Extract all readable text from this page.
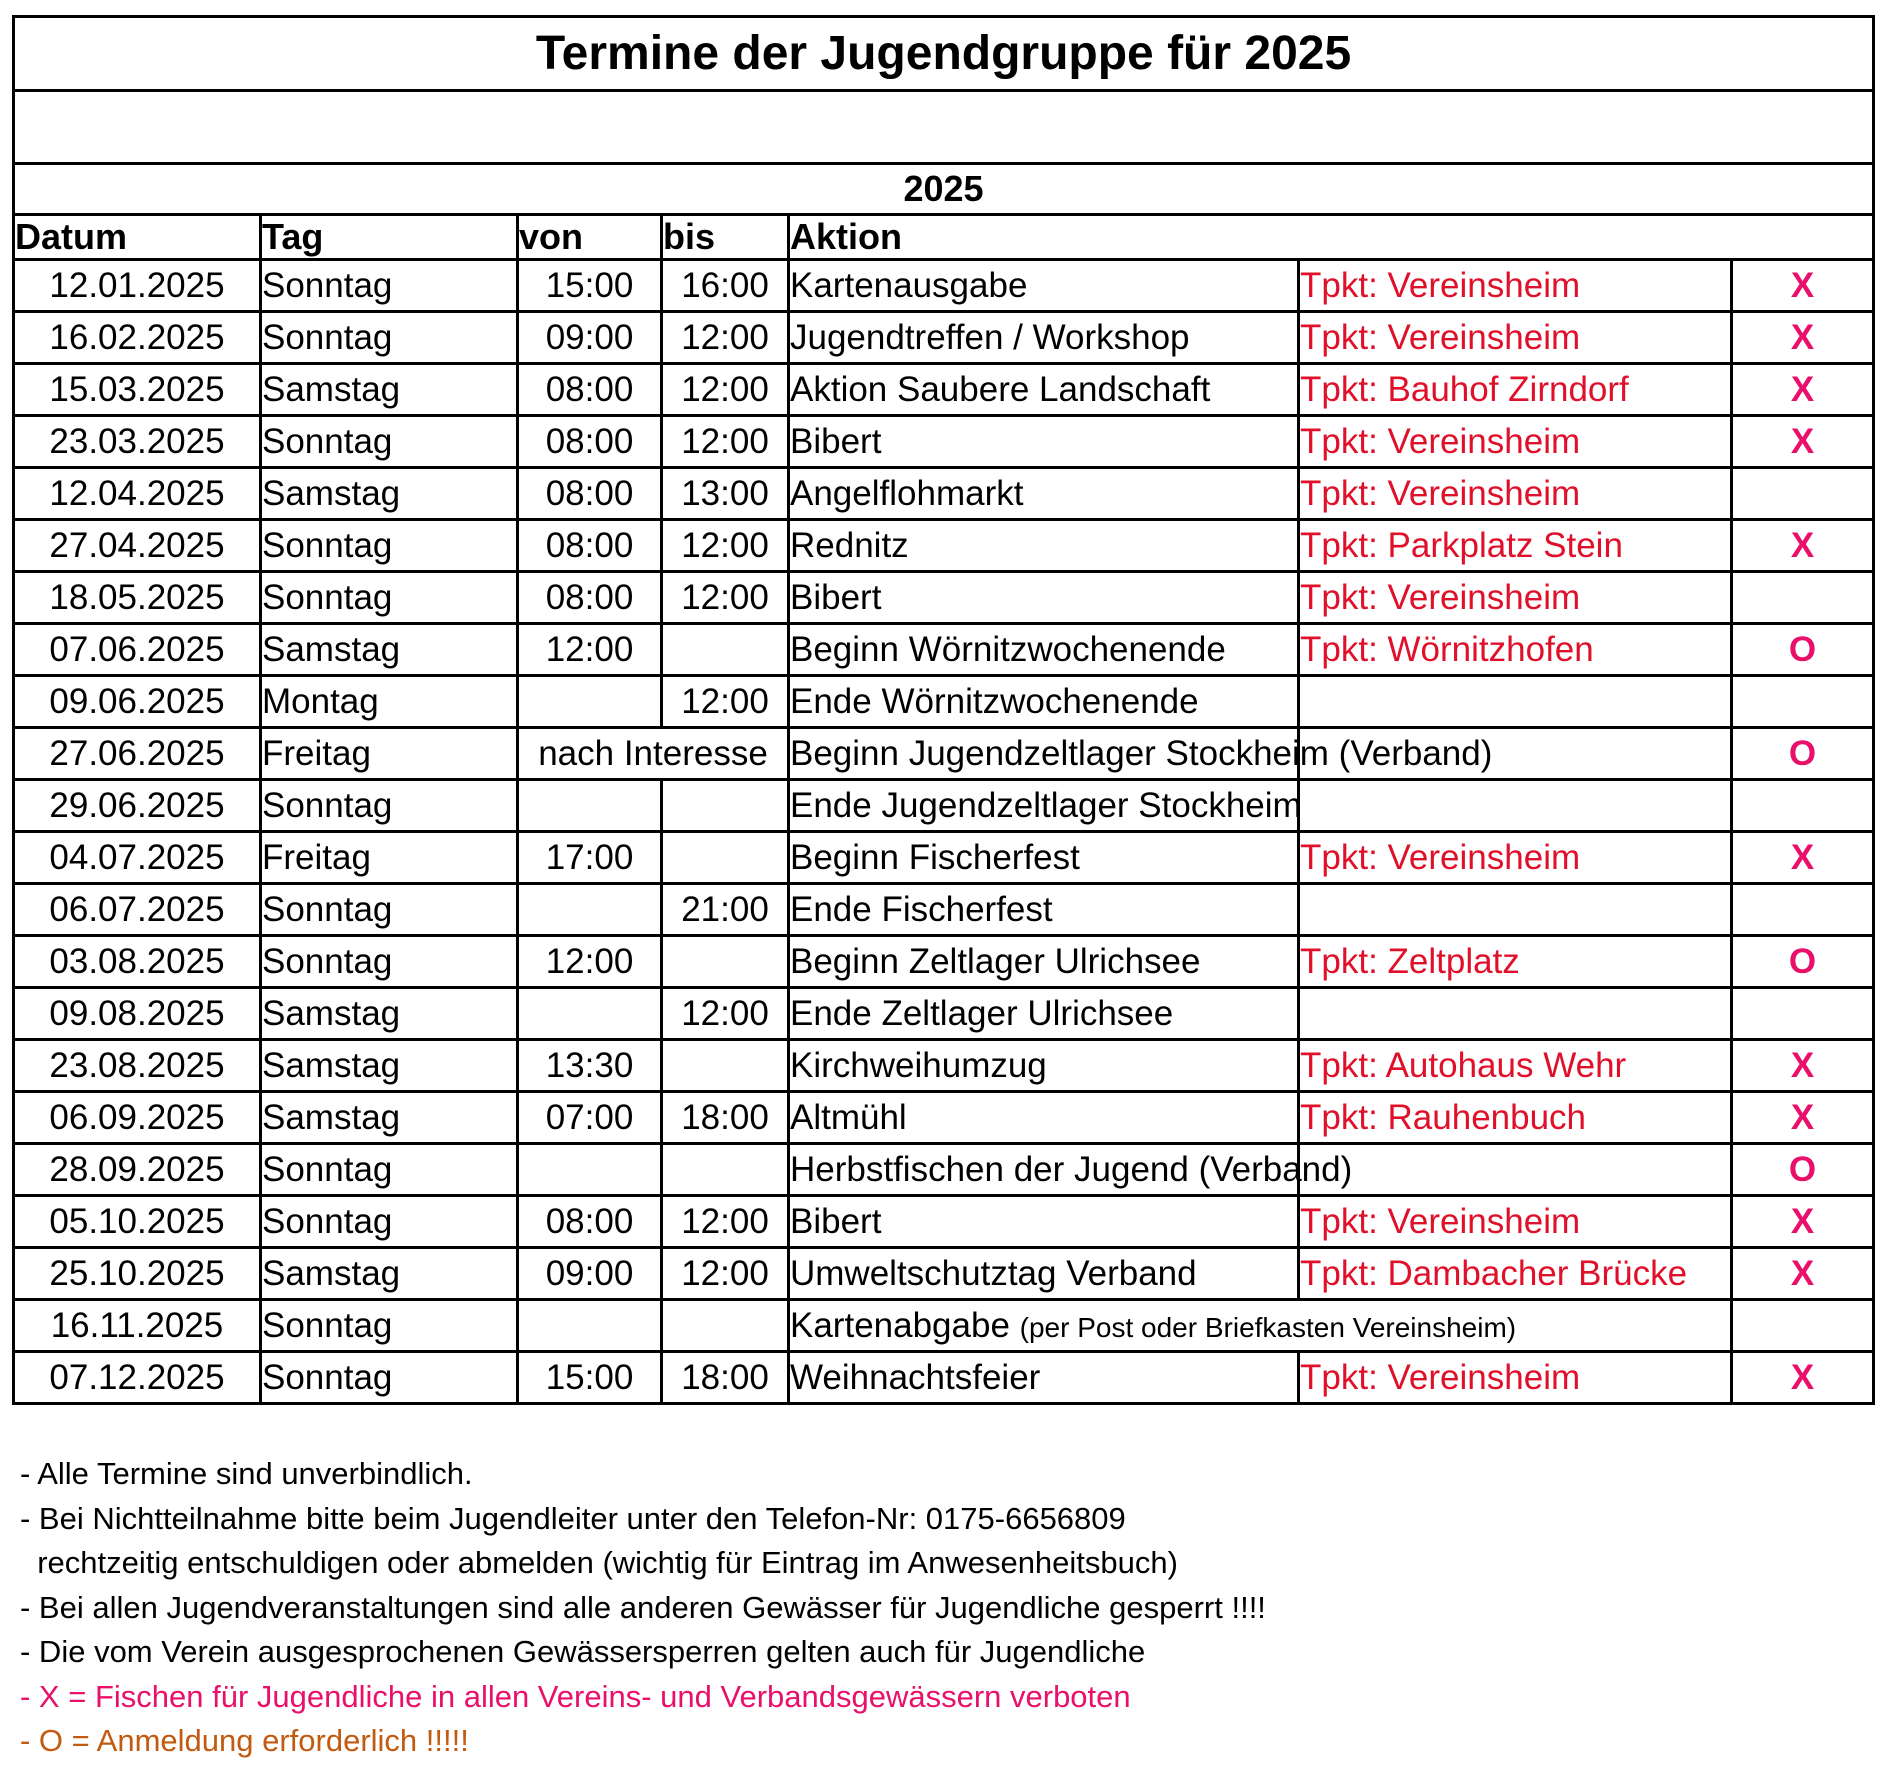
Termine der Jugendgruppe für 2025						

2025						
Datum	Tag	von	bis	Aktion		
12.01.2025	Sonntag	15:00	16:00	Kartenausgabe	Tpkt: Vereinsheim	X
16.02.2025	Sonntag	09:00	12:00	Jugendtreffen / Workshop	Tpkt: Vereinsheim	X
15.03.2025	Samstag	08:00	12:00	Aktion Saubere Landschaft	Tpkt: Bauhof Zirndorf	X
23.03.2025	Sonntag	08:00	12:00	Bibert	Tpkt: Vereinsheim	X
12.04.2025	Samstag	08:00	13:00	Angelflohmarkt	Tpkt: Vereinsheim	
27.04.2025	Sonntag	08:00	12:00	Rednitz	Tpkt: Parkplatz Stein	X
18.05.2025	Sonntag	08:00	12:00	Bibert	Tpkt: Vereinsheim	
07.06.2025	Samstag	12:00		Beginn Wörnitzwochenende	Tpkt: Wörnitzhofen	O
09.06.2025	Montag		12:00	Ende Wörnitzwochenende		
27.06.2025	Freitag	nach Interesse		Beginn Jugendzeltlager Stockheim (Verband)		O
29.06.2025	Sonntag			Ende Jugendzeltlager Stockheim		
04.07.2025	Freitag	17:00		Beginn Fischerfest	Tpkt: Vereinsheim	X
06.07.2025	Sonntag		21:00	Ende Fischerfest		
03.08.2025	Sonntag	12:00		Beginn Zeltlager Ulrichsee	Tpkt: Zeltplatz	O
09.08.2025	Samstag		12:00	Ende Zeltlager Ulrichsee		
23.08.2025	Samstag	13:30		Kirchweihumzug	Tpkt: Autohaus Wehr	X
06.09.2025	Samstag	07:00	18:00	Altmühl	Tpkt: Rauhenbuch	X
28.09.2025	Sonntag			Herbstfischen der Jugend (Verband)		O
05.10.2025	Sonntag	08:00	12:00	Bibert	Tpkt: Vereinsheim	X
25.10.2025	Samstag	09:00	12:00	Umweltschutztag Verband	Tpkt: Dambacher Brücke	X
16.11.2025	Sonntag			Kartenabgabe (per Post oder Briefkasten Vereinsheim)		
07.12.2025	Sonntag	15:00	18:00	Weihnachtsfeier	Tpkt: Vereinsheim	X
- Alle Termine sind unverbindlich.
- Bei Nichtteilnahme bitte beim Jugendleiter unter den Telefon-Nr: 0175-6656809
rechtzeitig entschuldigen oder abmelden (wichtig für Eintrag im Anwesenheitsbuch)
- Bei allen Jugendveranstaltungen sind alle anderen Gewässer für Jugendliche gesperrt !!!!
- Die vom Verein ausgesprochenen Gewässersperren gelten auch für Jugendliche
- X = Fischen für Jugendliche in allen Vereins- und Verbandsgewässern verboten
- O = Anmeldung erforderlich !!!!!
